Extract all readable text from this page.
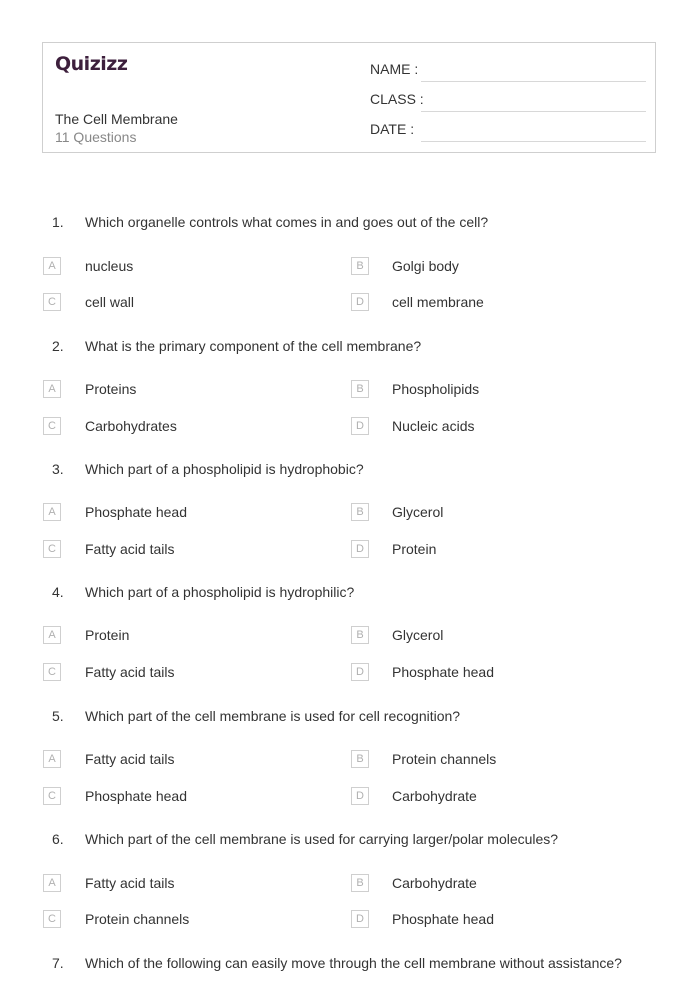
Quizizz
The Cell Membrane
11 Questions
NAME :
CLASS :
DATE :
1. Which organelle controls what comes in and goes out of the cell?
A	nucleus	B	Golgi body
C	cell wall	D	cell membrane
2. What is the primary component of the cell membrane?
A	Proteins	B	Phospholipids
C	Carbohydrates	D	Nucleic acids
3. Which part of a phospholipid is hydrophobic?
A	Phosphate head	B	Glycerol
C	Fatty acid tails	D	Protein
4. Which part of a phospholipid is hydrophilic?
A	Protein	B	Glycerol
C	Fatty acid tails	D	Phosphate head
5. Which part of the cell membrane is used for cell recognition?
A	Fatty acid tails	B	Protein channels
C	Phosphate head	D	Carbohydrate
6. Which part of the cell membrane is used for carrying larger/polar molecules?
A	Fatty acid tails	B	Carbohydrate
C	Protein channels	D	Phosphate head
7. Which of the following can easily move through the cell membrane without assistance?
